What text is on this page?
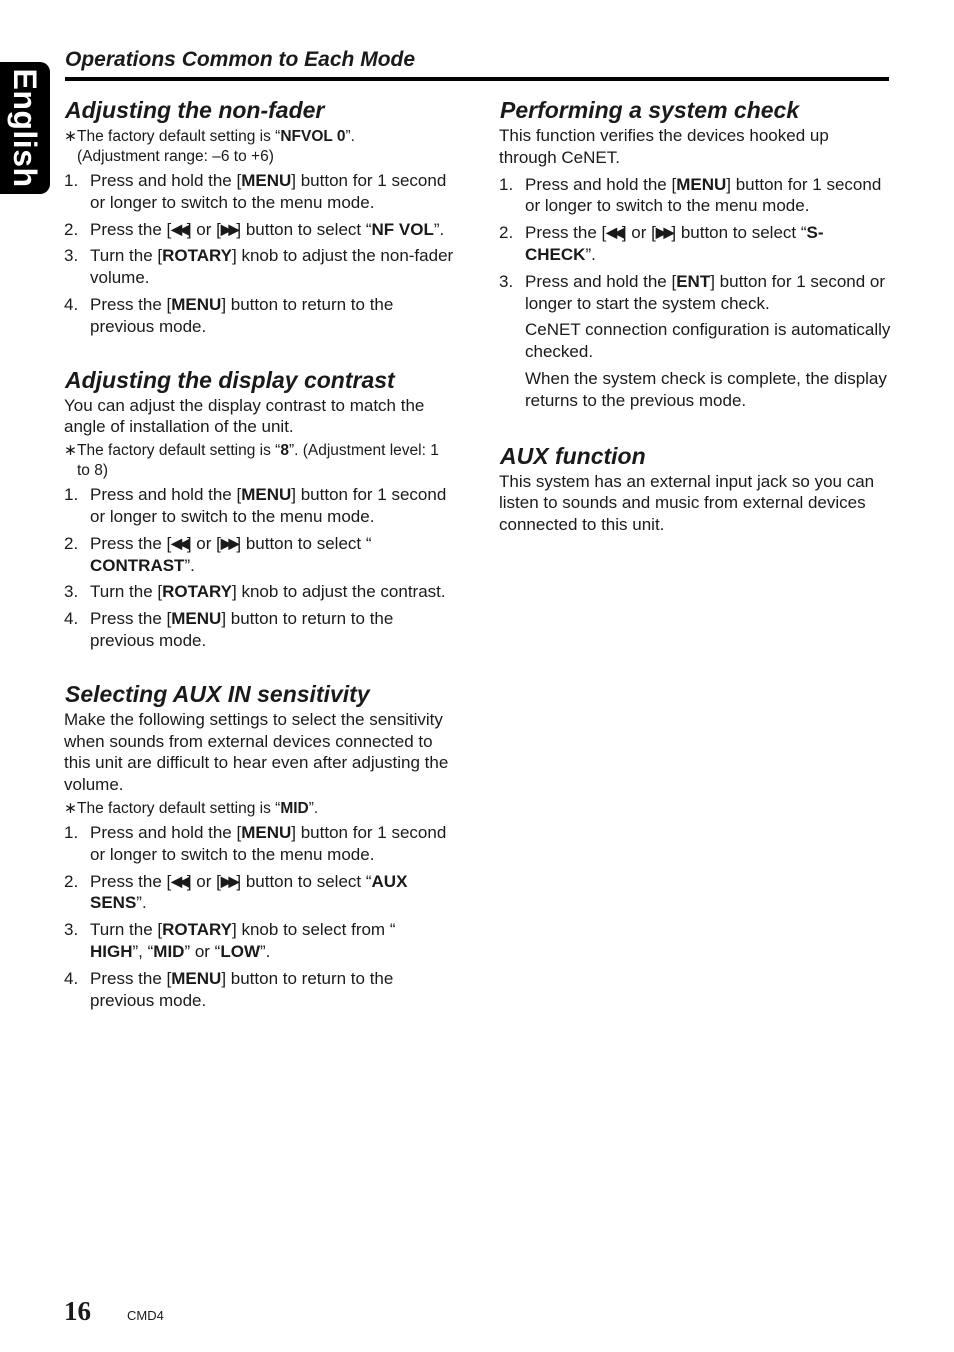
English
Operations Common to Each Mode
Adjusting the non-fader
∗ The factory default setting is “NFVOL 0”.
(Adjustment range: –6 to +6)
1. Press and hold the [MENU] button for 1 second or longer to switch to the menu mode.
2. Press the [◀◀] or [▶▶] button to select “NF VOL”.
3. Turn the [ROTARY] knob to adjust the non-fader volume.
4. Press the [MENU] button to return to the previous mode.
Adjusting the display contrast

You can adjust the display contrast to match the angle of installation of the unit.

∗ The factory default setting is “8”. (Adjustment level: 1 to 8)
1. Press and hold the [MENU] button for 1 second or longer to switch to the menu mode.
2. Press the [◀◀] or [▶▶] button to select “
CONTRAST”.
3. Turn the [ROTARY] knob to adjust the contrast.
4. Press the [MENU] button to return to the previous mode.
Selecting AUX IN sensitivity

Make the following settings to select the sensitivity when sounds from external devices connected to this unit are difficult to hear even after adjusting the volume.

∗ The factory default setting is “MID”.
1. Press and hold the [MENU] button for 1 second or longer to switch to the menu mode.
2. Press the [◀◀] or [▶▶] button to select “AUX SENS”.
3. Turn the [ROTARY] knob to select from “
HIGH”, “MID” or “LOW”.
4. Press the [MENU] button to return to the previous mode.
Performing a system check

This function verifies the devices hooked up through CeNET.

1. Press and hold the [MENU] button for 1 second or longer to switch to the menu mode.
2. Press the [◀◀] or [▶▶] button to select “S-CHECK”.
3. Press and hold the [ENT] button for 1 second or longer to start the system check.
CeNET connection configuration is automatically checked.
When the system check is complete, the display returns to the previous mode.
AUX function

This system has an external input jack so you can listen to sounds and music from external devices connected to this unit.

16	CMD4
